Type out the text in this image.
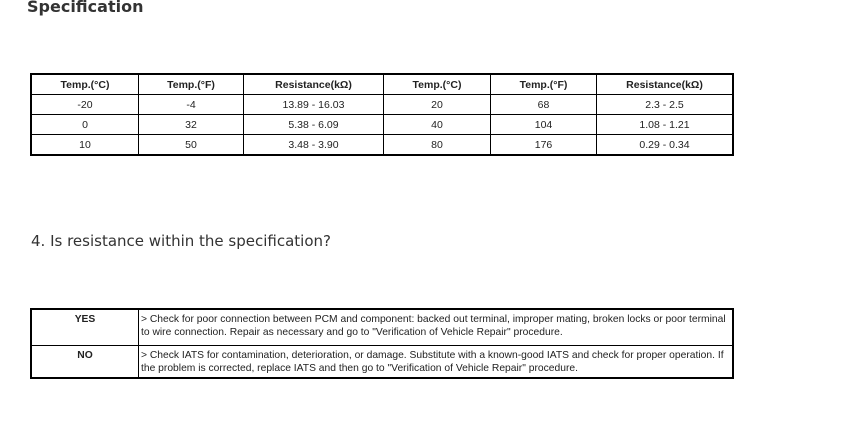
Specification
Temp.(°C)	Temp.(°F)	Resistance(kΩ)	Temp.(°C)	Temp.(°F)	Resistance(kΩ)
-20	-4	13.89 - 16.03	20	68	2.3 - 2.5
0	32	5.38 - 6.09	40	104	1.08 - 1.21
10	50	3.48 - 3.90	80	176	0.29 - 0.34
4. Is resistance within the specification?
YES	> Check for poor connection between PCM and component: backed out terminal, improper mating, broken locks or poor terminal to wire connection. Repair as necessary and go to "Verification of Vehicle Repair" procedure.
NO	> Check IATS for contamination, deterioration, or damage. Substitute with a known-good IATS and check for proper operation. If the problem is corrected, replace IATS and then go to "Verification of Vehicle Repair" procedure.
